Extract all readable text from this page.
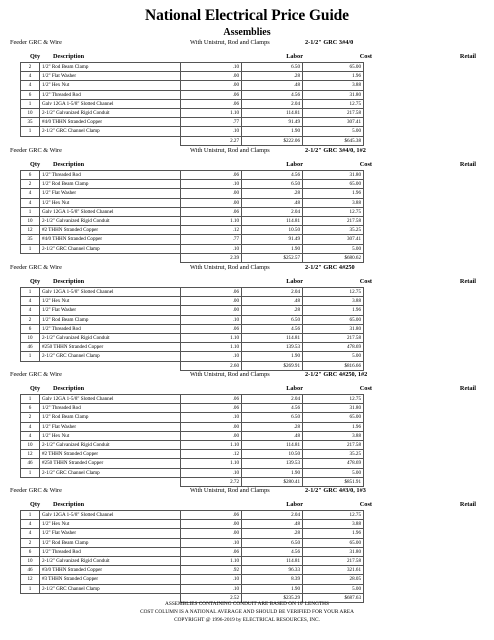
National Electrical Price Guide
Assemblies
Feeder GRC & Wire	With Unistrut, Rod and Clamps	2-1/2" GRC 3#4/0
Qty Description	Labor	Cost	Retail
2	1/2" Rod Beam Clamp	.10	6.50	65.00
4	1/2" Flat Washer	.00	.28	1.96
4	1/2" Hex Nut	.00	.48	3.88
6	1/2" Threaded Rod	.06	4.56	31.80
1	Galv 12GA 1-5/8" Slotted Channel	.06	2.04	12.75
10	2-1/2" Galvanized Rigid Conduit	1.10	114.81	217.58
35	#4/0 THHN Stranded Copper	.77	91.49	307.41
1	2-1/2" GRC Channel Clamp	.10	1.90	5.00
		2.27	$222.06	$645.38
Feeder GRC & Wire	With Unistrut, Rod and Clamps	2-1/2" GRC 3#4/0, 1#2
Qty Description	Labor	Cost	Retail
6	1/2" Threaded Rod	.06	4.56	31.80
2	1/2" Rod Beam Clamp	.10	6.50	65.00
4	1/2" Flat Washer	.00	.28	1.96
4	1/2" Hex Nut	.00	.48	3.88
1	Galv 12GA 1-5/8" Slotted Channel	.06	2.04	12.75
10	2-1/2" Galvanized Rigid Conduit	1.10	114.81	217.58
12	#2 THHN Stranded Copper	.12	10.50	35.25
35	#4/0 THHN Stranded Copper	.77	91.49	307.41
1	2-1/2" GRC Channel Clamp	.10	1.90	5.00
		2.39	$252.57	$680.62
Feeder GRC & Wire	With Unistrut, Rod and Clamps	2-1/2" GRC 4#250
Qty Description	Labor	Cost	Retail
1	Galv 12GA 1-5/8" Slotted Channel	.06	2.04	12.75
4	1/2" Hex Nut	.00	.48	3.88
4	1/2" Flat Washer	.00	.28	1.96
2	1/2" Rod Beam Clamp	.10	6.50	65.00
6	1/2" Threaded Rod	.06	4.56	31.80
10	2-1/2" Galvanized Rigid Conduit	1.10	114.81	217.58
46	#250 THHN Stranded Copper	1.10	139.53	478.69
1	2-1/2" GRC Channel Clamp	.10	1.90	5.00
		2.60	$269.91	$816.66
Feeder GRC & Wire	With Unistrut, Rod and Clamps	2-1/2" GRC 4#250, 1#2
Qty Description	Labor	Cost	Retail
1	Galv 12GA 1-5/8" Slotted Channel	.06	2.04	12.75
6	1/2" Threaded Rod	.06	4.56	31.80
2	1/2" Rod Beam Clamp	.10	6.50	65.00
4	1/2" Flat Washer	.00	.28	1.96
4	1/2" Hex Nut	.00	.48	3.88
10	2-1/2" Galvanized Rigid Conduit	1.10	114.81	217.58
12	#2 THHN Stranded Copper	.12	10.50	35.25
46	#250 THHN Stranded Copper	1.10	139.53	478.69
1	2-1/2" GRC Channel Clamp	.10	1.90	5.00
		2.72	$280.41	$851.91
Feeder GRC & Wire	With Unistrut, Rod and Clamps	2-1/2" GRC 4#3/0, 1#3
Qty Description	Labor	Cost	Retail
1	Galv 12GA 1-5/8" Slotted Channel	.06	2.04	12.75
4	1/2" Hex Nut	.00	.48	3.88
4	1/2" Flat Washer	.00	.28	1.96
2	1/2" Rod Beam Clamp	.10	6.50	65.00
6	1/2" Threaded Rod	.06	4.56	31.80
10	2-1/2" Galvanized Rigid Conduit	1.10	114.81	217.58
46	#3/0 THHN Stranded Copper	.92	96.33	321.61
12	#3 THHN Stranded Copper	.10	8.39	28.05
1	2-1/2" GRC Channel Clamp	.10	1.90	5.00
		2.52	$235.29	$687.63
ASSEMBLIES CONTAINING CONDUIT ARE BASED ON 10' LENGTHS
COST COLUMN IS A NATIONAL AVERAGE AND SHOULD BE VERIFIED FOR YOUR AREA
COPYRIGHT @ 1996-2019 by ELECTRICAL RESOURCES, INC.
